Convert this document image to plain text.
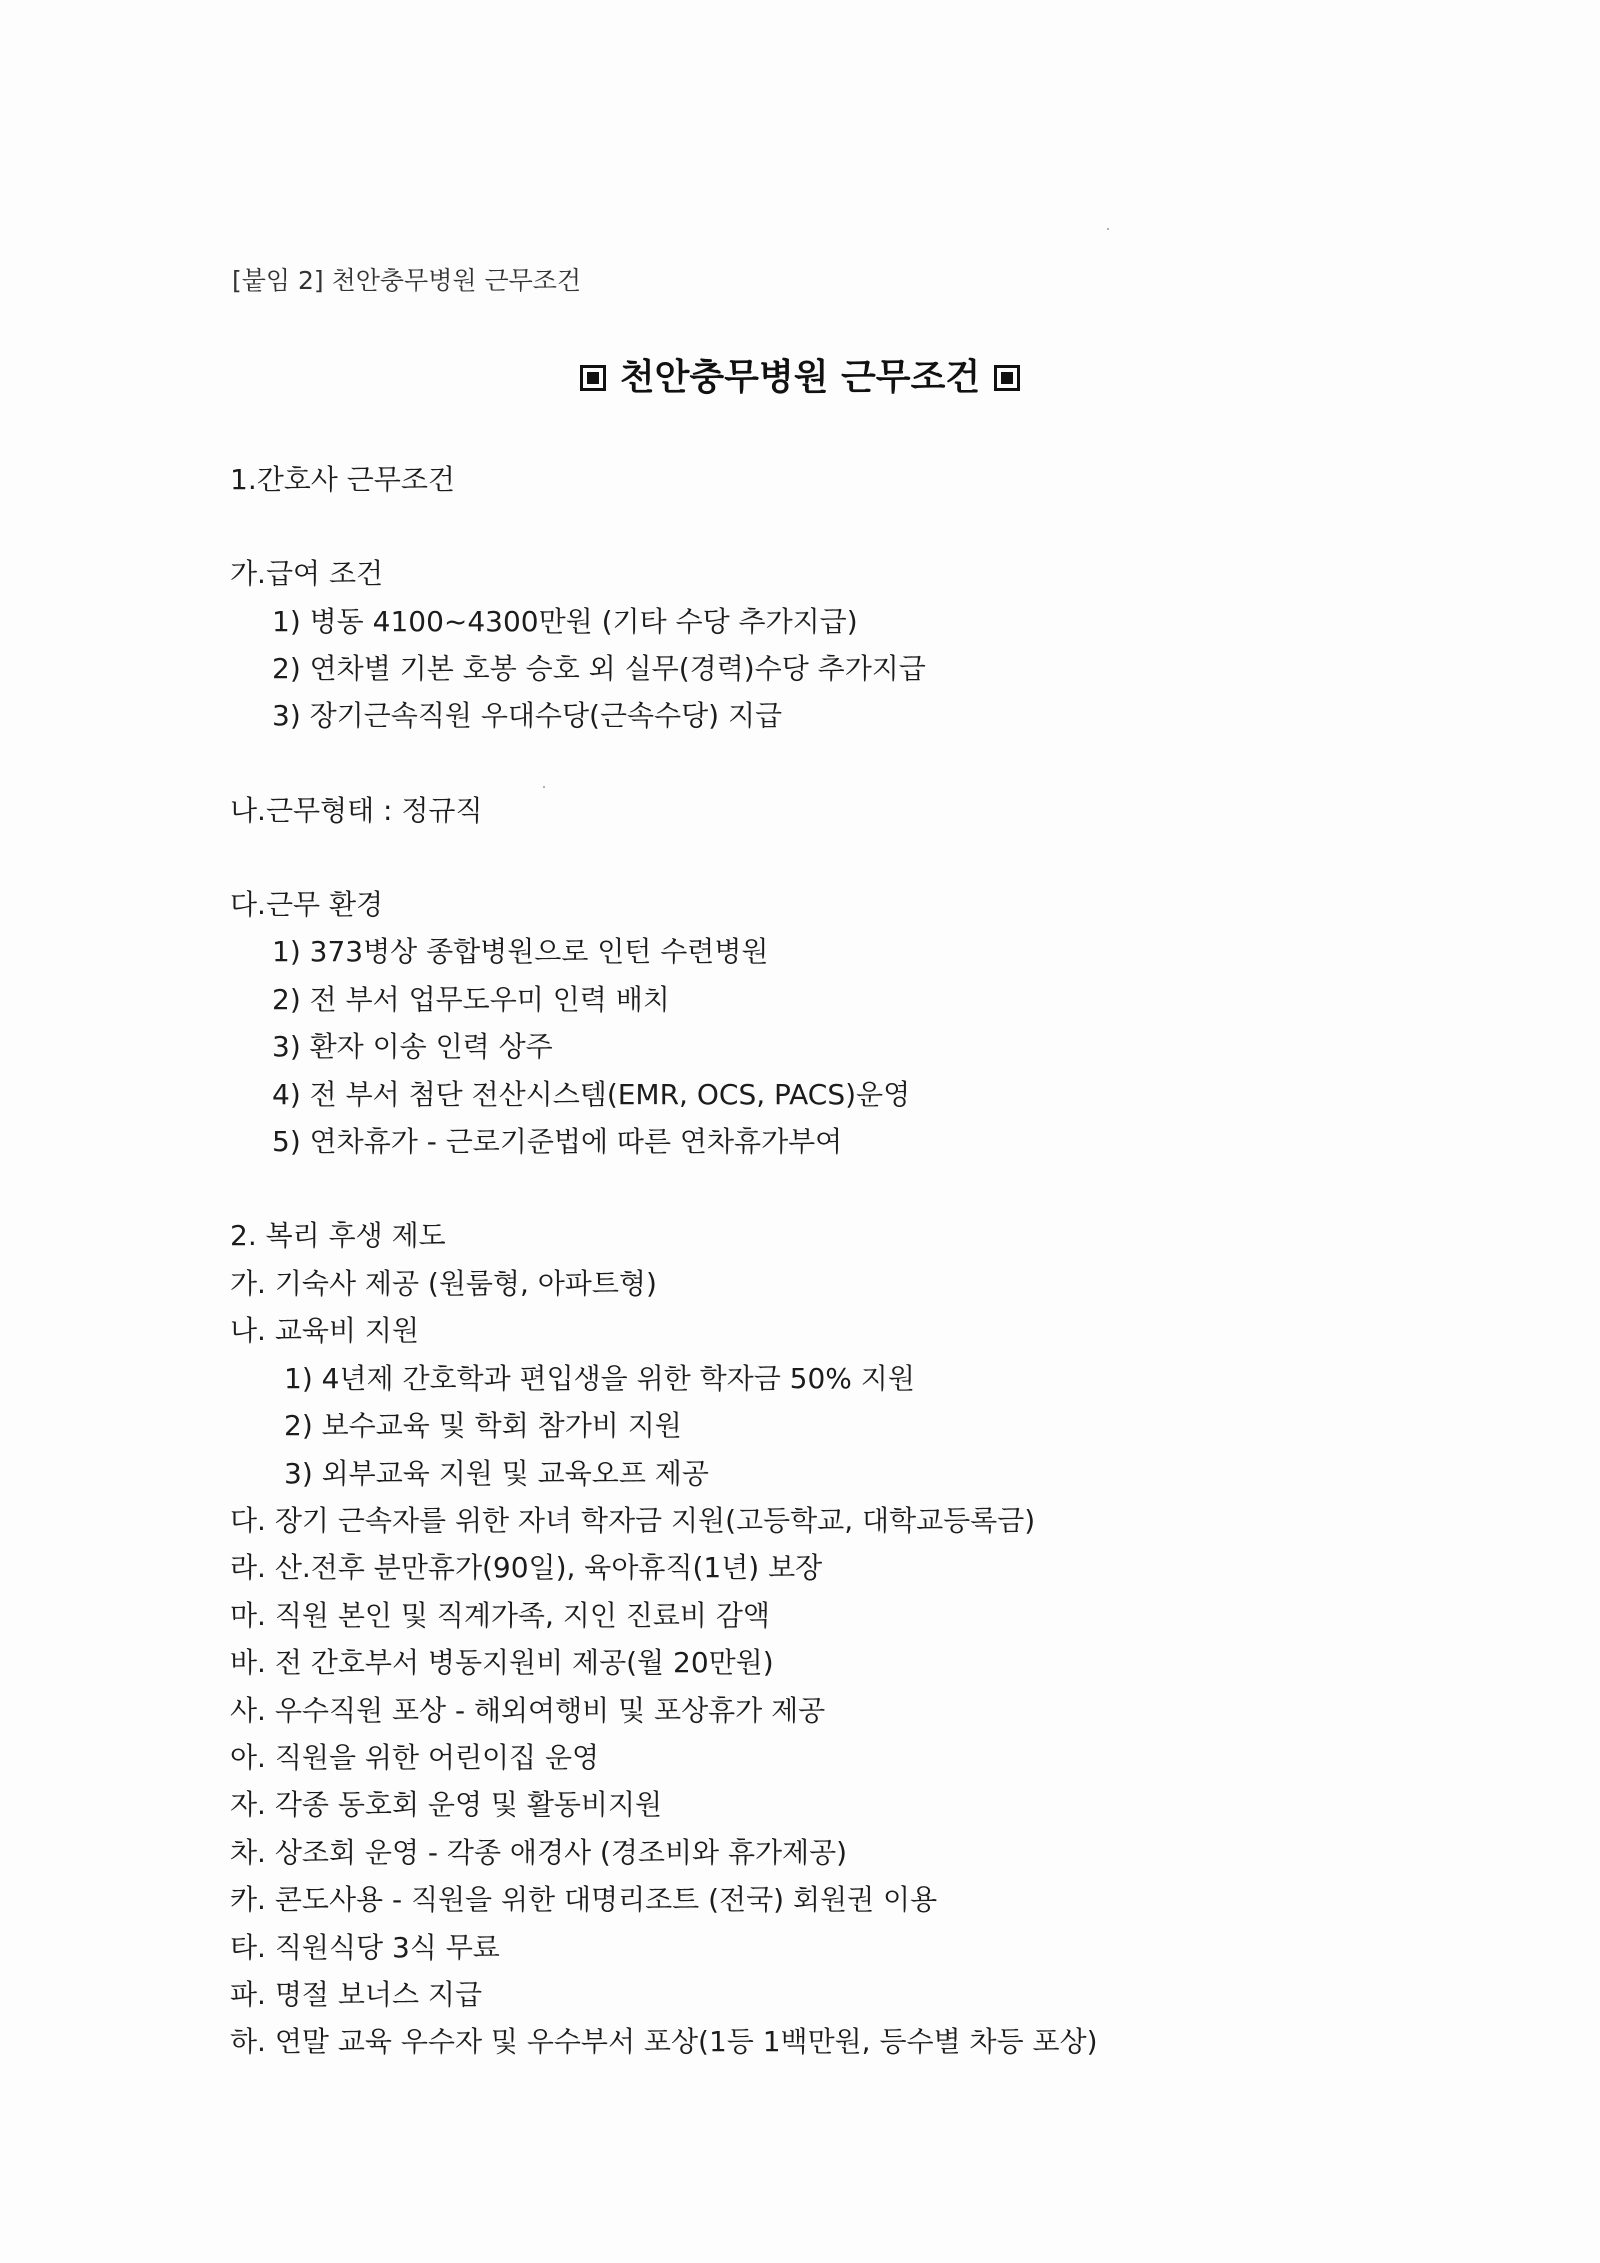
[붙임 2] 천안충무병원 근무조건
천안충무병원 근무조건
1.간호사 근무조건
가.급여 조건
1) 병동 4100~4300만원 (기타 수당 추가지급)
2) 연차별 기본 호봉 승호 외 실무(경력)수당 추가지급
3) 장기근속직원 우대수당(근속수당) 지급
나.근무형태 : 정규직
다.근무 환경
1) 373병상 종합병원으로 인턴 수련병원
2) 전 부서 업무도우미 인력 배치
3) 환자 이송 인력 상주
4) 전 부서 첨단 전산시스템(EMR, OCS, PACS)운영
5) 연차휴가 - 근로기준법에 따른 연차휴가부여
2. 복리 후생 제도
가. 기숙사 제공 (원룸형, 아파트형)
나. 교육비 지원
1) 4년제 간호학과 편입생을 위한 학자금 50% 지원
2) 보수교육 및 학회 참가비 지원
3) 외부교육 지원 및 교육오프 제공
다. 장기 근속자를 위한 자녀 학자금 지원(고등학교, 대학교등록금)
라. 산.전후 분만휴가(90일), 육아휴직(1년) 보장
마. 직원 본인 및 직계가족, 지인 진료비 감액
바. 전 간호부서 병동지원비 제공(월 20만원)
사. 우수직원 포상 - 해외여행비 및 포상휴가 제공
아. 직원을 위한 어린이집 운영
자. 각종 동호회 운영 및 활동비지원
차. 상조회 운영 - 각종 애경사 (경조비와 휴가제공)
카. 콘도사용 - 직원을 위한 대명리조트 (전국) 회원권 이용
타. 직원식당 3식 무료
파. 명절 보너스 지급
하. 연말 교육 우수자 및 우수부서 포상(1등 1백만원, 등수별 차등 포상)
